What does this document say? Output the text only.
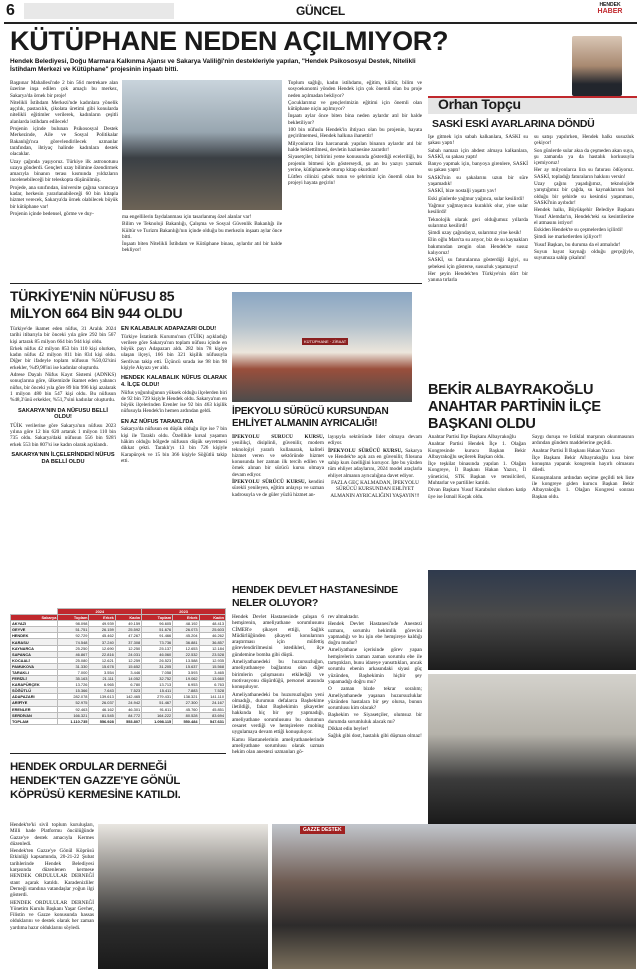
6	GÜNCEL	HENDEK
HABER
KÜTÜPHANE NEDEN AÇILMIYOR?
Hendek Belediyesi, Doğu Marmara Kalkınma Ajansı ve Sakarya Valiliği'nin destekleriyle yapılan, "Hendek Psikososyal Destek, Nitelikli İstihdam Merkezi ve Kütüphane" projesinin inşaatı bitti.

Başpınar Mahallesi'nde 2 bin 564 metrekare alan üzerine inşa edilen çok amaçlı bu merkez, Sakarya'da örnek bir proje!

Nitelikli İstihdam Merkezi'nde kadınlara yönelik aşçılık, pastacılık, çikolata üretimi gibi konularda nitelikli eğitimler verilerek, kadınların çeşitli alanlarda istihdam edilecek!

Projenin içinde bulunan Psikososyal Destek Merkezinde, Aile ve Sosyal Politikalar Bakanlığı'nca görevlendirilecek uzmanlar tarafından, ihtiyaç halinde kadınlara destek olacaklar.

Uzay çağında yaşıyoruz. Türkiye ilk astronotunu uzaya gönderdi. Gençleri uzay bilimine özendirmek amacıyla binanın terası kısmında yıldızların incelenebileceği bir teleskopta düşünülmüş.

Projede, ana sınıfından, üniversite çağına varıncaya kadar, herkesin yararlanabileceği 60 bin kitapla hizmet verecek, Sakarya'da örnek olabilecek büyük bir kütüphane var!

Projenin içinde bedensel, görme ve duy-

ma engellilerin faydalanması için tasarlanmış özel alanlar var!

Bilim ve Teknoloji Bakanlığı, Çalışma ve Sosyal Güvenlik Bakanlığı ile Kültür ve Turizm Bakanlığı'nın içinde olduğu bu merkezin inşaatı aylar önce bitti.

İnşaatı biten Nitelikli İstihdam ve Kütüphane binası, aylardır atıl bir halde bekliyor!

Toplum sağlığı, kadın istihdamı, eğitim, kültür, bilim ve sosyoekonomi yönden Hendek için çok önemli olan bu proje neden açılmadan bekliyor?

Çocuklarımız ve gençlerimizin eğitimi için önemli olan kütüphane niçin açılmıyor?

İnşaatı aylar önce biten bina neden aylardır atıl bir halde bekletiliyor?

100 bin nüfuslu Hendek'in ihtiyacı olan bu projenin, hayata geçirilmemesi, Hendek halkına ihanettir!

Milyonlarca lira harcanarak yapılan binanın aylardır atıl bir halde beklettilmesi, devletin hazinesine zarardır!

Siyasetçiler, birbirini yeme konusunda gösterdiği eceleriliği, bu projenin bitmesi için gösterseydi, şu an bu yazıyı yazmak yerine, kütüphanede oturup kitap okurdum!

Lütfen cilinizi çabuk tutun ve şehrimiz için önemli olan bu projeyi hayata geçirin!

Orhan Topçu
SASKİ ESKİ AYARLARINA DÖNDÜ

İşe gitmek için sabah kalkanlara, SASKİ su şakası yaptı!

Sabah namazı için abdest almaya kalkanlara, SASKİ, su şakası yaptı!

Banyo yapmak için, banyoya girenlere, SASKİ su şakası yaptı!

SASKİ'nin su şakalarını uzun bir süre yaşamadık!

SASKİ, bize nostalji yaşattı yav!

Eski günlerde yağmur yağınca, sular kesilirdi!

Yağmur yağmayınca kuraklık olur, yine sular kesilirdi!

Teknolojik olarak geri olduğumuz yıllarda sularımız kesilirdi!

Şimdi uzay çağındayız, sularımız yine kesik!

Elin oğlu Mars'ta su arıyor, biz de su kaynakları bakımından zengin olan Hendek'te susuz kalıyoruz!

SASKİ, su faturalarına gösterdiği ilgiyi, su şebekesi için gösterse, susuzluk yaşamayız!

Her şeyin Hendek'ten Türkiye'nin dört bir yanına tırlarla

su satışı yapılırken, Hendek halkı susuzluk çekiyor!

Son günlerde sular akıa da çeşmeden akan suya, şu zamanda ya da hastalık korkusuyla içemiyoruz!

Her ay milyonlarca lira su faturası ödüyoruz. SASKİ, topladığı faturaların hakkını versin!

Uzay çağını yaşadığımız, teknolojide yarıştığımız bir çağda, su kaynaklarının bol olduğu bir şehirde su kesintisi yaşanması, SASKİ'nin ayıbıdır!

Hendek halkı, Büyükşehir Belediye Başkanı Yusuf Alemdar'ın, Hendek'teki su kesintilerine el atmasını istiyor!

Eskiden Hendek'te su çeşmelerden içilirdi!

Şimdi ise marketlerden içiliyor!!

Yusuf Başkan, bu duruma da el atmalıdır!

Suyun hayat kaynağı olduğu gerçeğiyle, suyumuza sahip çıkalım!

TÜRKİYE'NİN NÜFUSU 85 MİLYON 664 BİN 944 OLDU

Türkiye'de ikamet eden nüfus, 31 Aralık 2024 tarihi itibarıyla bir önceki yıla göre 292 bin 567 kişi artarak 85 milyon 664 bin 944 kişi oldu.

Erkek nüfus 42 milyon 853 bin 110 kişi olurken, kadın nüfus 42 milyon 811 bin 834 kişi oldu. Diğer bir ifadeyle toplam nüfusun %50,02'sini erkekler, %49,98'ini ise kadınlar oluşturdu.

Adrese Dayalı Nüfus Kayıt Sistemi (ADNKS) sonuçlarına göre, ülkemizde ikamet eden yabancı nüfus, bir önceki yıla göre 89 bin 996 kişi azalarak 1 milyon 480 bin 547 kişi oldu. Bu nüfusun %48,3'ünü erkekler, %51,7'sini kadınlar oluşturdu.

SAKARYA'NIN DA NÜFUSU BELLİ OLDU!

TÜİK verilerine göre Sakarya'nın nüfusu 2023 yılına göre 12 bin 620 artarak 1 milyon 110 bin 735 oldu. Sakarya'daki nüfusun 556 bin 928'i erkek 553 bin 807'si ise kadın olarak açıklandı.

SAKARYA'NIN İLÇELERİNDEKİ NÜFUS DA BELLİ OLDU

EN KALABALIK ADAPAZARI OLDU!

Türkiye İstatistik Kurumu'nun (TÜİK) açıkladığı verilere göre Sakarya'nın toplam nüfusu içinde en büyük payı Adapazarı aldı. 282 bin 78 kişiye ulaşan ilçeyi, 166 bin 321 kişilik nüfusuyla Serdivan takip etti. Üçüncü sırada ise 98 bin 98 kişiyle Akyazı yer aldı.

HENDEK KALABALIK NÜFUS OLARAK 4. İLÇE OLDU!

Nüfus yoğunluğunun yüksek olduğu ilçelerden biri de 92 bin 729 kişiyle Hendek oldu. Sakarya'nın en büyük ilçelerinden Erenler ise 92 bin 463 kişilik nüfusuyla Hendek'in hemen ardından geldi.

EN AZ NÜFUS TARAKLI'DA

Sakarya'da nüfusun en düşük olduğu ilçe ise 7 bin kişi ile Taraklı oldu. Özellikle kırsal yaşamın hâkim olduğu bölgede nüfusun düşük seyretmesi dikkat çekti. Taraklı'yı 13 bin 726 kişiyle Karapürçek ve 15 bin 366 kişiyle Söğütlü takip etti.

	2024			2023		
Sakarya	Toplam	Erkek	Kadın	Toplam	Erkek	Kadın
AKYAZI	98.098	49.939	49.159	96.605	48.192	48.413
GEYVE	51.751	26.159	25.592	51.676	26.073	25.603
HENDEK	92.729	45.462	47.267	91.466	45.204	46.262
KARASU	74.548	37.240	37.308	73.736	36.881	36.857
KAYNARCA	25.250	12.690	12.250	25.137	12.653	12.184
SAPANCA	46.867	22.816	24.031	46.060	22.532	23.528
KOCAALİ	25.080	12.621	12.259	26.523	13.588	12.935
PAMUKOVA	31.330	15.678	15.652	31.205	15.637	15.568
TARAKLI	7.000	3.554	3.446	7.058	3.593	3.465
FERİZLİ	35.163	21.111	14.052	32.752	19.062	13.660
KARAPÜRÇEK	13.726	6.965	6.780	13.713	6.953	6.763
SÖĞÜTLÜ	15.366	7.643	7.523	15.411	7.883	7.528
ADAPAZARI	282.078	139.613	142.465	279.431	138.321	141.110
ARİFİYE	52.975	26.037	24.942	51.467	27.300	24.167
ERENLER	92.463	46.162	46.301	91.611	45.760	45.851
SERDİVAN	166.321	81.545	84.772	164.222	80.528	83.694
TOPLAM	1.110.735	556.928	553.807	1.098.115	550.484	547.631
KÜTÜPHANE · ZİRAAT
İPEKYOLU SÜRÜCÜ KURSUNDAN EHLİYET ALMANIN AYRICALIĞI!

İPEKYOLU SÜRÜCÜ KURSU, yenilikçi, disiplinli, güvenilir, modern teknolojiyi yararlı kullanarak, kaliteli hizmet veren ve sektöründe hizmet konusunda her zaman ilk tercih edilen ve örnek alınan bir sürücü kursu olmaya devam ediyor.

İPEKYOLU SÜRÜCÜ KURSU, kendini sürekli yenileyen, eğitim anlayışı ve uzman kadrosuyla ve de güler yüzlü hizmet an-

layışıyla sektöründe lider olmaya devam ediyor.

İPEKYOLU SÜRÜCÜ KURSU, Sakarya ve Hendek'te açık ara en güvenilir, filosuna sahip kurs özelliğini koruyor. İşte bu yüzden tüm ehliyet adaylarını, 2024 model araçlarla ehliyet almanın ayrıcalığına davet ediyor.

FAZLA GEÇ KALMADAN, İPEKYOLU SÜRÜCÜ KURSUNDAN EHLİYET ALMANIN AYRICALIĞINI YAŞAYIN!!!

BEKİR ALBAYRAKOĞLU ANAHTAR PARTİNİN İLÇE BAŞKANI OLDU

Anahtar Partisi İlçe Başkanı Albayrakoğlu

Anahtar Partisi Hendek İlçe 1. Olağan Kongresinde kurucu Başkan Bekir Albayrakoğlu seçilerek Başkan oldu.

İlçe teşkilat binasında yapılan 1. Olağan Kongreye, İl Başkanı Hakan Yazıcı, İl yöneticisi, STK Başkan ve temsilcileri, Muhtarlar ve partililer katıldı.

Divan Başkanı Yusuf Karabulut olurken katip üye ise İsmail Koçak oldu.

Saygı duruşu ve İstiklal marşının okunmasının ardından gündem maddelerine geçildi.

Anahtar Partisi İl Başkanı Hakan Yazıcı

İlçe Başkanı Bekir Albayrakoğlu kısa birer konuşma yaparak kongrenin hayırlı olmasını diledi.

Konuşmaların ardından seçime geçildi tek liste ile kongreye giden kurucu Başkan Bekir Albayrakoğlu 1. Olağan Kongresi sonrası Başkan oldu.

HENDEK DEVLET HASTANESİNDE NELER OLUYOR?

Hendek Devlet Hastanesinde çalışan 6 hemşirenin, ameliyathane sorumlusunu CİMER'e şikayet ettiği, Sağlık Müdürlüğünden şikayeti konularının araştırması için müfettiş görevlendirilmesini istedikleri, ilçe gündemine bomba gibi düştü.

Ameliyathanedeki bu huzursuzluğun, ameliyathaneye bağlantısı olan diğer birimlerin çalışmasını etkilediği ve motivasyonu düşürdüğü, personel arasında konuşuluyor.

Ameliyathanedeki bu huzursuzluğun yeni olmadığı, durumun defalarca Başhekime iletildiği, fakat Başhekimin şikayetler hakkında hiç bir şey yapmadığı, ameliyathane sorumlusunu bu durumun cesaret verdiği ve hemşirelere mobing uygulamaya devam ettiği konuşuluyor.

Kamu Hastanelerinin ameliyathanelerinde ameliyathane sorumlusu olarak uzman hekim olan anestezi uzmanları gö-

rev almaktadır.

Hendek Devlet Hastanesi'nde Anestezi uzmanı, sorumlu hekimlik görevini yapmadığı ve bu işin ebe hemşireye kaldığı doğru mudur?

Ameliyathane içerisinde görev yapan hemşirelerin zaman zaman sorumlu ebe ile tartıştıkları, bunu idareye yansıttıkları, ancak sorumlu ebenin arkasındaki siyasi güç yüzünden, Başhekimin hiçbir şey yapamadığı doğru mu?

O zaman bizde tekrar soralım; Ameliyathanede yaşanan huzursuzluklar yüzünden hastalara bir şey olursa, bunun sorumlusu kim olacak?

Başhekim ve Siyasetçiler, olumsuz bir durumda sorumluluk alacak mı?

Dikkat edin beyler!

Sağlık gibi dost, hastalık gibi düşman olmaz!

HENDEK ORDULAR DERNEĞİ HENDEK'TEN GAZZE'YE GÖNÜL KÖPRÜSÜ KERMESİNE KATILDI.

Hendek'te'ki sivil toplum kuruluşları, Milli hade Platformu öncülüğünde Gazze'ye destek amacıyla Kermes düzenledi.

Hendek'ten Gazze'ye Gönül Köprüsü Etkinliği kapsamında, 20-21-22 Şubat tarihlerinde Hendek Belediyesi karşısında düzenlenen kermese HENDEK ORDULULAR DERNEĞİ stant açarak katıldı. Karadenizliler Derneği standına vatandaşlar yoğun ilgi gösterdi.

HENDEK ORDULULAR DERNEĞİ Yönetim Kurulu Başkanı Yaşar Gevher, Filistin ve Gazze konusunda hassas olduklarını ve destek olarak her zaman yardıma hazır olduklarını söyledi.

GAZZE DESTEK
